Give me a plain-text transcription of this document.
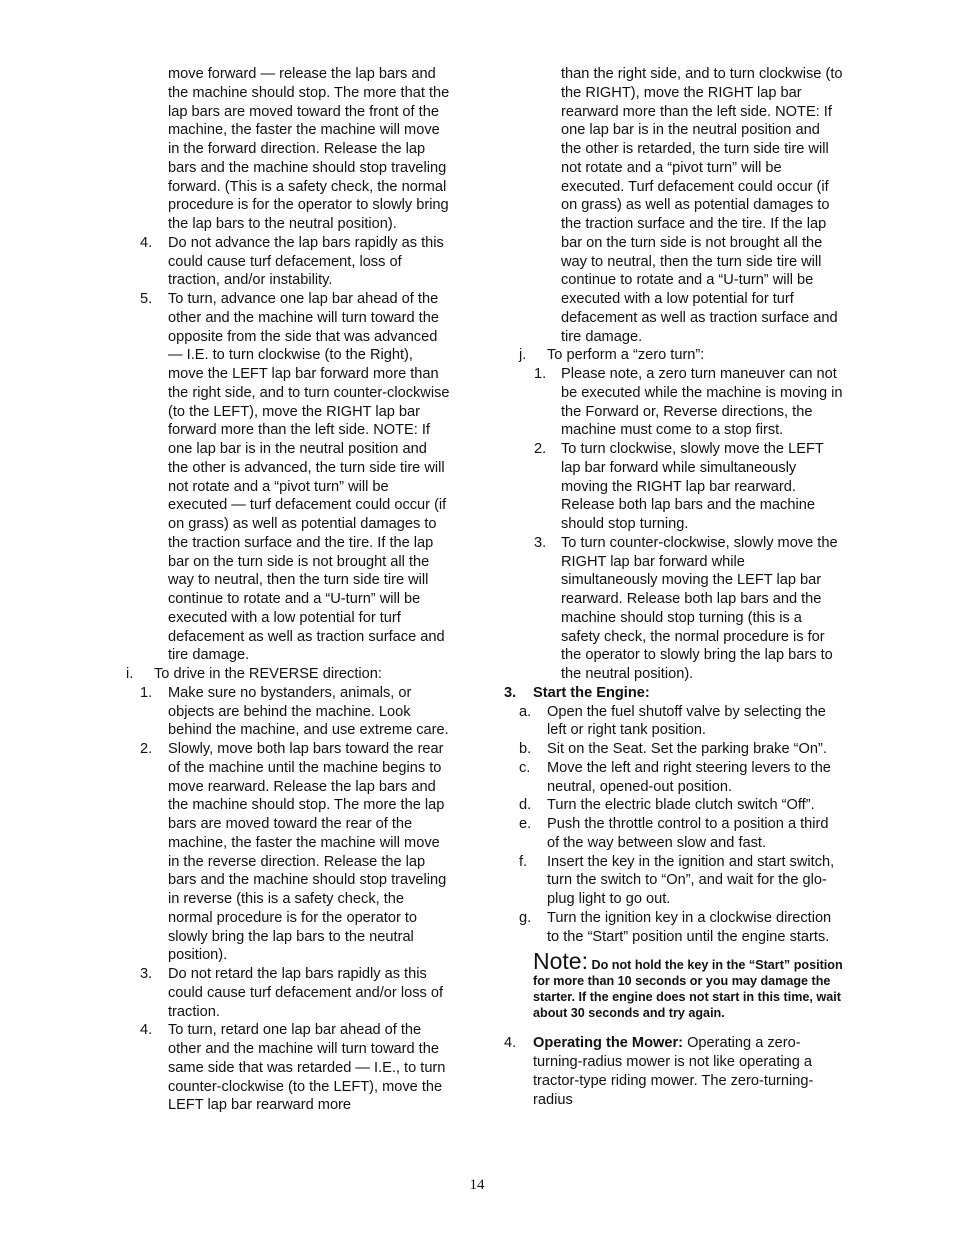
move forward — release the lap bars and the machine should stop. The more that the lap bars are moved toward the front of the machine, the faster the machine will move in the forward direction. Release the lap bars and the machine should stop traveling forward. (This is a safety check, the normal procedure is for the operator to slowly bring the lap bars to the neutral position).
4. Do not advance the lap bars rapidly as this could cause turf defacement, loss of traction, and/or instability.
5. To turn, advance one lap bar ahead of the other and the machine will turn toward the opposite from the side that was advanced — I.E. to turn clockwise (to the Right), move the LEFT lap bar forward more than the right side, and to turn counter-clockwise (to the LEFT), move the RIGHT lap bar forward more than the left side. NOTE: If one lap bar is in the neutral position and the other is advanced, the turn side tire will not rotate and a “pivot turn” will be executed — turf defacement could occur (if on grass) as well as potential damages to the traction surface and the tire. If the lap bar on the turn side is not brought all the way to neutral, then the turn side tire will continue to rotate and a “U-turn” will be executed with a low potential for turf defacement as well as traction surface and tire damage.
i. To drive in the REVERSE direction:
1. Make sure no bystanders, animals, or objects are behind the machine. Look behind the machine, and use extreme care.
2. Slowly, move both lap bars toward the rear of the machine until the machine begins to move rearward. Release the lap bars and the machine should stop. The more the lap bars are moved toward the rear of the machine, the faster the machine will move in the reverse direction. Release the lap bars and the machine should stop traveling in reverse (this is a safety check, the normal procedure is for the operator to slowly bring the lap bars to the neutral position).
3. Do not retard the lap bars rapidly as this could cause turf defacement and/or loss of traction.
4. To turn, retard one lap bar ahead of the other and the machine will turn toward the same side that was retarded — I.E., to turn counter-clockwise (to the LEFT), move the LEFT lap bar rearward more
than the right side, and to turn clockwise (to the RIGHT), move the RIGHT lap bar rearward more than the left side. NOTE: If one lap bar is in the neutral position and the other is retarded, the turn side tire will not rotate and a “pivot turn” will be executed. Turf defacement could occur (if on grass) as well as potential damages to the traction surface and the tire. If the lap bar on the turn side is not brought all the way to neutral, then the turn side tire will continue to rotate and a “U-turn” will be executed with a low potential for turf defacement as well as traction surface and tire damage.
j. To perform a “zero turn”:
1. Please note, a zero turn maneuver can not be executed while the machine is moving in the Forward or, Reverse directions, the machine must come to a stop first.
2. To turn clockwise, slowly move the LEFT lap bar forward while simultaneously moving the RIGHT lap bar rearward. Release both lap bars and the machine should stop turning.
3. To turn counter-clockwise, slowly move the RIGHT lap bar forward while simultaneously moving the LEFT lap bar rearward. Release both lap bars and the machine should stop turning (this is a safety check, the normal procedure is for the operator to slowly bring the lap bars to the neutral position).
3. Start the Engine:
a. Open the fuel shutoff valve by selecting the left or right tank position.
b. Sit on the Seat. Set the parking brake “On”.
c. Move the left and right steering levers to the neutral, opened-out position.
d. Turn the electric blade clutch switch “Off”.
e. Push the throttle control to a position a third of the way between slow and fast.
f. Insert the key in the ignition and start switch, turn the switch to “On”, and wait for the glo-plug light to go out.
g. Turn the ignition key in a clockwise direction to the “Start” position until the engine starts.
Note: Do not hold the key in the “Start” position for more than 10 seconds or you may damage the starter. If the engine does not start in this time, wait about 30 seconds and try again.
4. Operating the Mower: Operating a zero-turning-radius mower is not like operating a tractor-type riding mower. The zero-turning-radius
14
